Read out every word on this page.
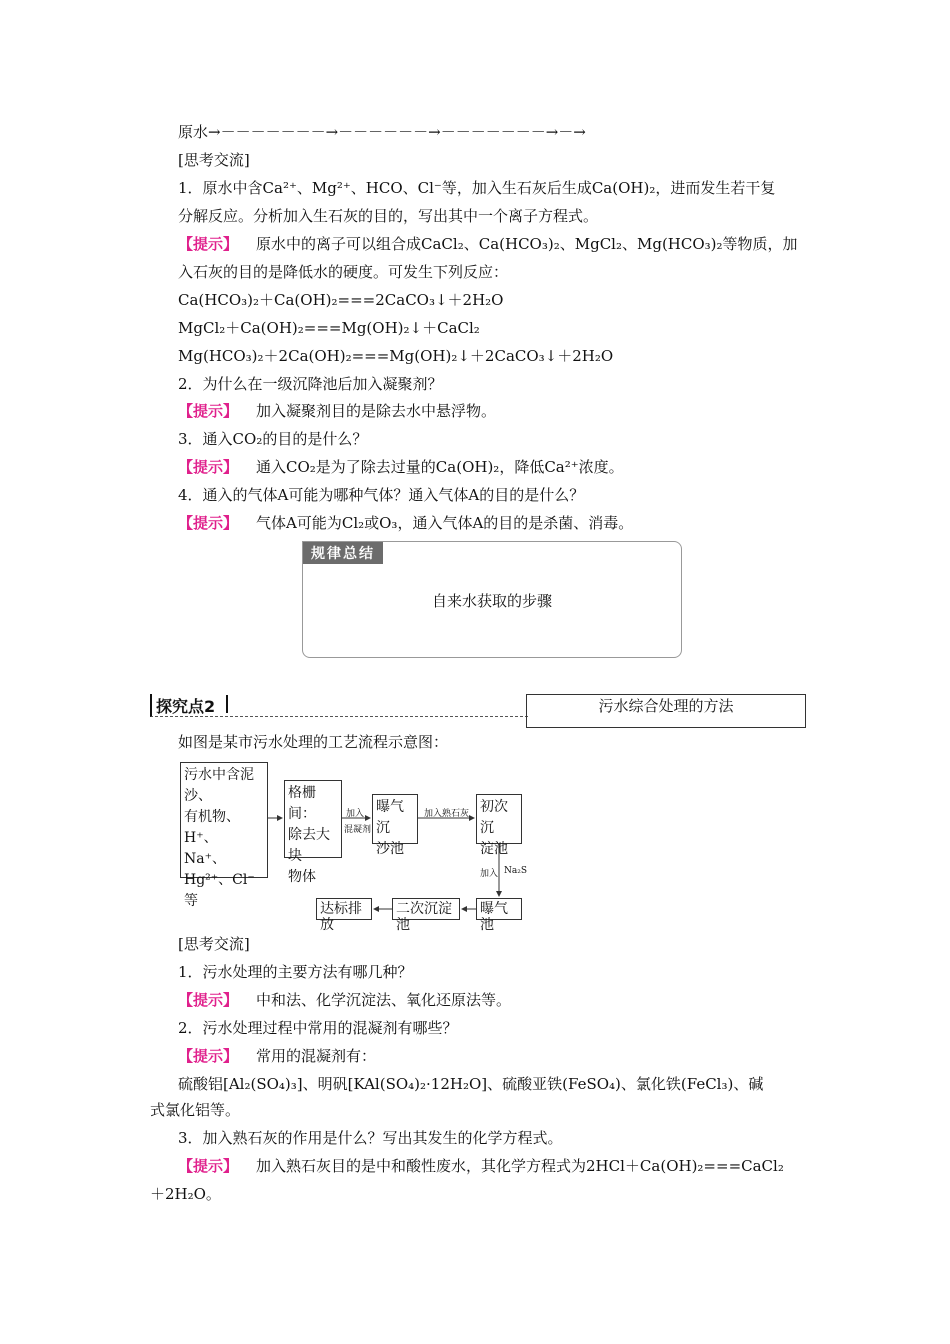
原水→－－－－－－－→－－－－－－→－－－－－－－→－→
[思考交流]
1．原水中含Ca²⁺、Mg²⁺、HCO、Cl⁻等，加入生石灰后生成Ca(OH)₂，进而发生若干复
分解反应。分析加入生石灰的目的，写出其中一个离子方程式。
【提示】 原水中的离子可以组合成CaCl₂、Ca(HCO₃)₂、MgCl₂、Mg(HCO₃)₂等物质，加
入石灰的目的是降低水的硬度。可发生下列反应：
Ca(HCO₃)₂＋Ca(OH)₂===2CaCO₃↓＋2H₂O
MgCl₂＋Ca(OH)₂===Mg(OH)₂↓＋CaCl₂
Mg(HCO₃)₂＋2Ca(OH)₂===Mg(OH)₂↓＋2CaCO₃↓＋2H₂O
2．为什么在一级沉降池后加入凝聚剂？
【提示】 加入凝聚剂目的是除去水中悬浮物。
3．通入CO₂的目的是什么？
【提示】 通入CO₂是为了除去过量的Ca(OH)₂，降低Ca²⁺浓度。
4．通入的气体A可能为哪种气体？通入气体A的目的是什么？
【提示】 气体A可能为Cl₂或O₃，通入气体A的目的是杀菌、消毒。
规律总结
自来水获取的步骤
探究点2	污水综合处理的方法
如图是某市污水处理的工艺流程示意图：
污水中含泥沙、
有机物、H⁺、
Na⁺、Hg²⁺、Cl⁻
等
格栅间：
除去大块
物体
曝气沉
沙池
初次沉
淀池
曝气池
二次沉淀池
达标排放
加入
混凝剂
加入熟石灰
加入 Na₂S
[思考交流]
1．污水处理的主要方法有哪几种？
【提示】 中和法、化学沉淀法、氧化还原法等。
2．污水处理过程中常用的混凝剂有哪些？
【提示】 常用的混凝剂有：
硫酸铝[Al₂(SO₄)₃]、明矾[KAl(SO₄)₂·12H₂O]、硫酸亚铁(FeSO₄)、氯化铁(FeCl₃)、碱
式氯化铝等。
3．加入熟石灰的作用是什么？写出其发生的化学方程式。
【提示】 加入熟石灰目的是中和酸性废水，其化学方程式为2HCl＋Ca(OH)₂===CaCl₂
＋2H₂O。
